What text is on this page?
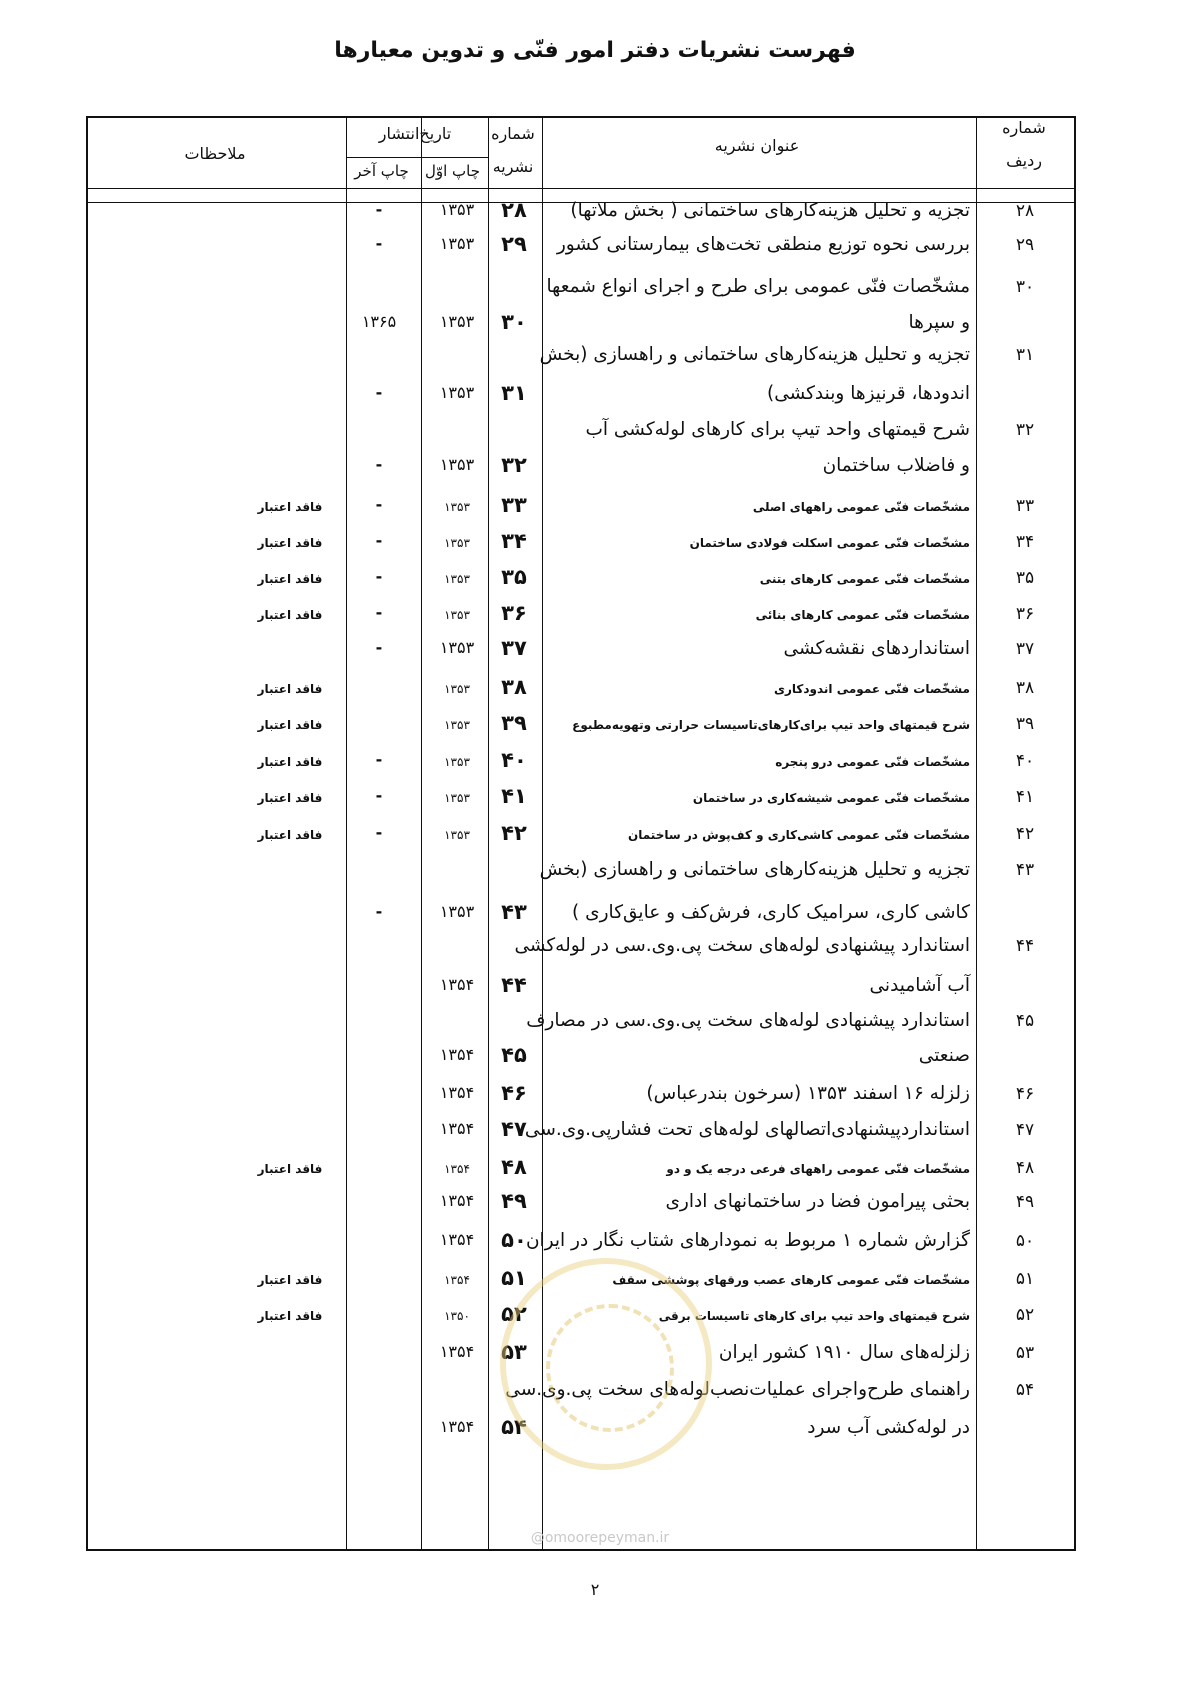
فهرست نشریات دفتر امور فنّی و تدوین معیارها
ملاحظات
تاریخ‌انتشار
چاپ آخر	چاپ اوّل
شماره
نشریه
عنوان نشریه
شماره
ردیف
۲۸
تجزیه و تحلیل هزینه‌کارهای ساختمانی ( بخش ملاتها)
۲۸
۱۳۵۳
-
۲۹
بررسی نحوه توزیع منطقی تخت‌های بیمارستانی کشور
۲۹
۱۳۵۳
-
۳۰
مشخّصات فنّی عمومی برای طرح و اجرای انواع شمعها
و سپرها
۳۰
۱۳۵۳
۱۳۶۵
۳۱
تجزیه و تحلیل هزینه‌کارهای ساختمانی و راهسازی (بخش
اندودها، قرنیزها وبندکشی)
۳۱
۱۳۵۳
-
۳۲
شرح قیمتهای واحد تیپ برای کارهای لوله‌کشی آب
و فاضلاب ساختمان
۳۲
۱۳۵۳
-
۳۳
مشخّصات فنّی عمومی راههای اصلی
۳۳
۱۳۵۳
-
فاقد اعتبار
۳۴
مشخّصات فنّی عمومی اسکلت فولادی ساختمان
۳۴
۱۳۵۳
-
فاقد اعتبار
۳۵
مشخّصات فنّی عمومی کارهای بتنی
۳۵
۱۳۵۳
-
فاقد اعتبار
۳۶
مشخّصات فنّی عمومی کارهای بنائی
۳۶
۱۳۵۳
-
فاقد اعتبار
۳۷
استانداردهای نقشه‌کشی
۳۷
۱۳۵۳
-
۳۸
مشخّصات فنّی عمومی اندودکاری
۳۸
۱۳۵۳
فاقد اعتبار
۳۹
شرح قیمتهای واحد تیپ برای‌کارهای‌تاسیسات حرارتی وتهویه‌مطبوع
۳۹
۱۳۵۳
فاقد اعتبار
۴۰
مشخّصات فنّی عمومی درو پنجره
۴۰
۱۳۵۳
-
فاقد اعتبار
۴۱
مشخّصات فنّی عمومی شیشه‌کاری در ساختمان
۴۱
۱۳۵۳
-
فاقد اعتبار
۴۲
مشخّصات فنّی عمومی کاشی‌کاری و کف‌پوش در ساختمان
۴۲
۱۳۵۳
-
فاقد اعتبار
۴۳
تجزیه و تحلیل هزینه‌کارهای ساختمانی و راهسازی (بخش
کاشی کاری، سرامیک کاری، فرش‌کف و عایق‌کاری )
۴۳
۱۳۵۳
-
۴۴
استاندارد پیشنهادی لوله‌های سخت پی.وی.سی در لوله‌کشی
آب آشامیدنی
۴۴
۱۳۵۴
۴۵
استاندارد پیشنهادی لوله‌های سخت پی.وی.سی در مصارف
صنعتی
۴۵
۱۳۵۴
۴۶
زلزله ۱۶ اسفند ۱۳۵۳ (سرخون بندرعباس)
۴۶
۱۳۵۴
۴۷
استانداردپیشنهادی‌اتصالهای لوله‌های تحت فشارپی.وی.سی
۴۷
۱۳۵۴
۴۸
مشخّصات فنّی عمومی راههای فرعی درجه یک و دو
۴۸
۱۳۵۴
فاقد اعتبار
۴۹
بحثی پیرامون فضا در ساختمانهای اداری
۴۹
۱۳۵۴
۵۰
گزارش شماره ۱ مربوط به نمودارهای شتاب نگار در ایران
۵۰
۱۳۵۴
۵۱
مشخّصات فنّی عمومی کارهای عصب ورقهای پوششی سقف
۵۱
۱۳۵۴
فاقد اعتبار
۵۲
شرح قیمتهای واحد تیپ برای کارهای تاسیسات برقی
۵۲
۱۳۵۰
فاقد اعتبار
۵۳
زلزله‌های سال ۱۹۱۰ کشور ایران
۵۳
۱۳۵۴
۵۴
راهنمای طرح‌واجرای عملیات‌نصب‌لوله‌های سخت پی.وی.سی
در لوله‌کشی آب سرد
۵۴
۱۳۵۴
@omoorepeyman.ir
۲
